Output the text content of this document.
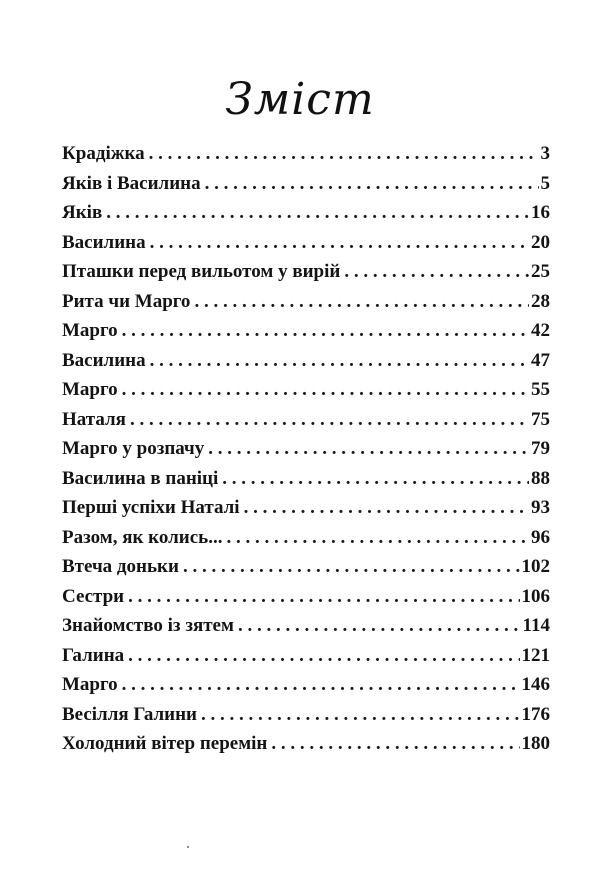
Зміст
Крадіжка . . .	3
Яків і Василина . . .	5
Яків . . .	16
Василина . . .	20
Пташки перед вильотом у вирій . . .	25
Рита чи Марго . . .	28
Марго . . .	42
Василина . . .	47
Марго . . .	55
Наталя . . .	75
Марго у розпачу . . .	79
Василина в паніці . . .	88
Перші успіхи Наталі . . .	93
Разом, як колись... . . .	96
Втеча доньки . . .	102
Сестри . . .	106
Знайомство із зятем . . .	114
Галина . . .	121
Марго . . .	146
Весілля Галини . . .	176
Холодний вітер перемін . . .	180
